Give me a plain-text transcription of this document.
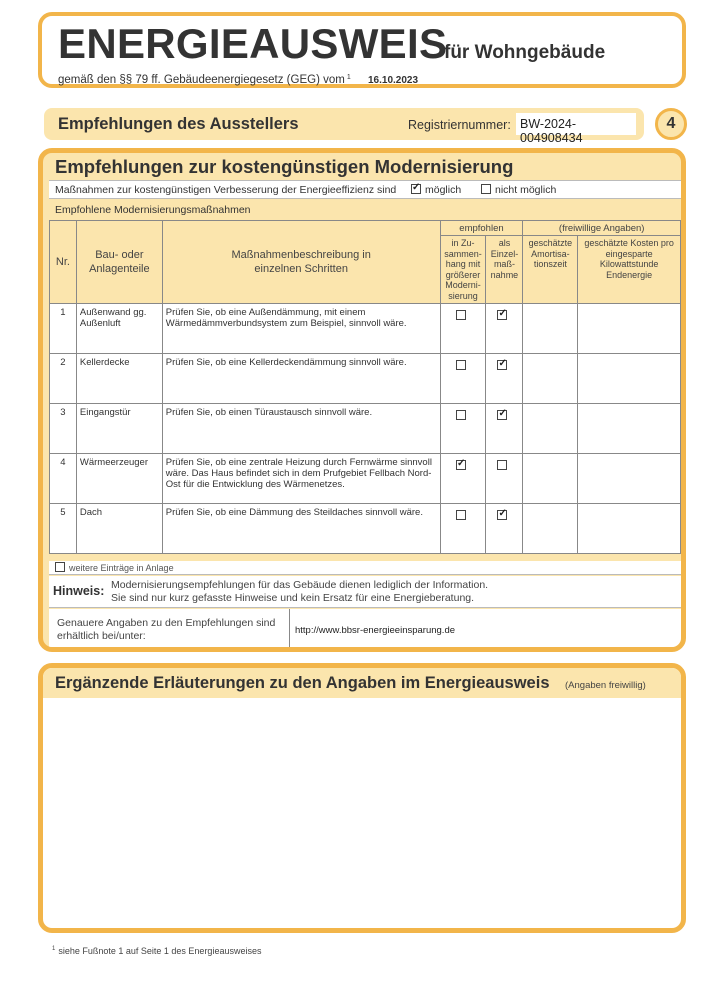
ENERGIEAUSWEIS
für Wohngebäude
gemäß den §§ 79 ff. Gebäudeenergiegesetz (GEG) vom $^1$ 16.10.2023
Empfehlungen des Ausstellers	Registriernummer: BW-2024-004908434
4
Empfehlungen zur kostengünstigen Modernisierung
Maßnahmen zur kostengünstigen Verbesserung der Energieeffizienz sind ✓	möglich	nicht möglich
Empfohlene Modernisierungsmaßnahmen
Nr.	Bau- oder Anlagenteile	Maßnahmenbeschreibung in einzelnen Schritten	empfohlen		(freiwillige Angaben)	
			in Zu-sammen-hang mit größerer Moderni-sierung	als Einzel-maß-nahme	geschätzte Amortisa-tionszeit	geschätzte Kosten pro eingesparte Kilowattstunde Endenergie
1	Außenwand gg. Außenluft	Prüfen Sie, ob eine Außendämmung, mit einem Wärmedämmverbundsystem zum Beispiel, sinnvoll wäre.		✓		
2	Kellerdecke	Prüfen Sie, ob eine Kellerdeckendämmung sinnvoll wäre.		✓		
3	Eingangstür	Prüfen Sie, ob einen Türaustausch sinnvoll wäre.		✓		
4	Wärmeerzeuger	Prüfen Sie, ob eine zentrale Heizung durch Fernwärme sinnvoll wäre. Das Haus befindet sich in dem Prufgebiet Fellbach Nord-Ost für die Entwicklung des Wärmenetzes.	✓			
5	Dach	Prüfen Sie, ob eine Dämmung des Steildaches sinnvoll wäre.		✓		
weitere Einträge in Anlage
Hinweis: Modernisierungsempfehlungen für das Gebäude dienen lediglich der Information.
Sie sind nur kurz gefasste Hinweise und kein Ersatz für eine Energieberatung.
Genauere Angaben zu den Empfehlungen sind erhältlich bei/unter:	http://www.bbsr-energieeinsparung.de
Ergänzende Erläuterungen zu den Angaben im Energieausweis (Angaben freiwillig)
$^1$ siehe Fußnote 1 auf Seite 1 des Energieausweises
